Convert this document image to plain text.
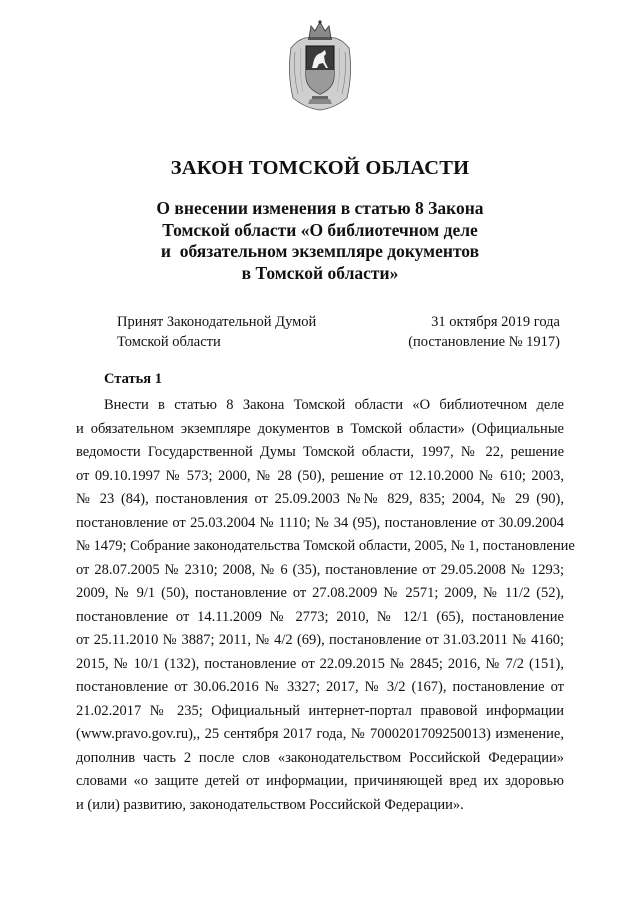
ЗАКОН ТОМСКОЙ ОБЛАСТИ
О внесении изменения в статью 8 Закона
Томской области «О библиотечном деле
и  обязательном экземпляре документов
в Томской области»
Принят Законодательной Думой
Томской области
31 октября 2019 года
(постановление № 1917)
Статья 1
Внести в статью 8 Закона Томской области «О библиотечном деле
и обязательном экземпляре документов в Томской области» (Официальные
ведомости Государственной Думы Томской области, 1997, № 22, решение
от 09.10.1997 № 573; 2000, № 28 (50), решение от 12.10.2000 № 610; 2003,
№ 23 (84), постановления от 25.09.2003 №№ 829, 835; 2004, № 29 (90),
постановление от 25.03.2004 № 1110; № 34 (95), постановление от 30.09.2004
№ 1479; Собрание законодательства Томской области, 2005, № 1, постановление
от 28.07.2005 № 2310; 2008, № 6 (35), постановление от 29.05.2008 № 1293;
2009, № 9/1 (50), постановление от 27.08.2009 № 2571; 2009, № 11/2 (52),
постановление от 14.11.2009 № 2773; 2010, № 12/1 (65), постановление
от 25.11.2010 № 3887; 2011, № 4/2 (69), постановление от 31.03.2011 № 4160;
2015, № 10/1 (132), постановление от 22.09.2015 № 2845; 2016, № 7/2 (151),
постановление от 30.06.2016 № 3327; 2017, № 3/2 (167), постановление от
21.02.2017 № 235; Официальный интернет-портал правовой информации
(www.pravo.gov.ru),, 25 сентября 2017 года, № 7000201709250013) изменение,
дополнив часть 2 после слов «законодательством Российской Федерации»
словами «о защите детей от информации, причиняющей вред их здоровью
и (или) развитию, законодательством Российской Федерации».
